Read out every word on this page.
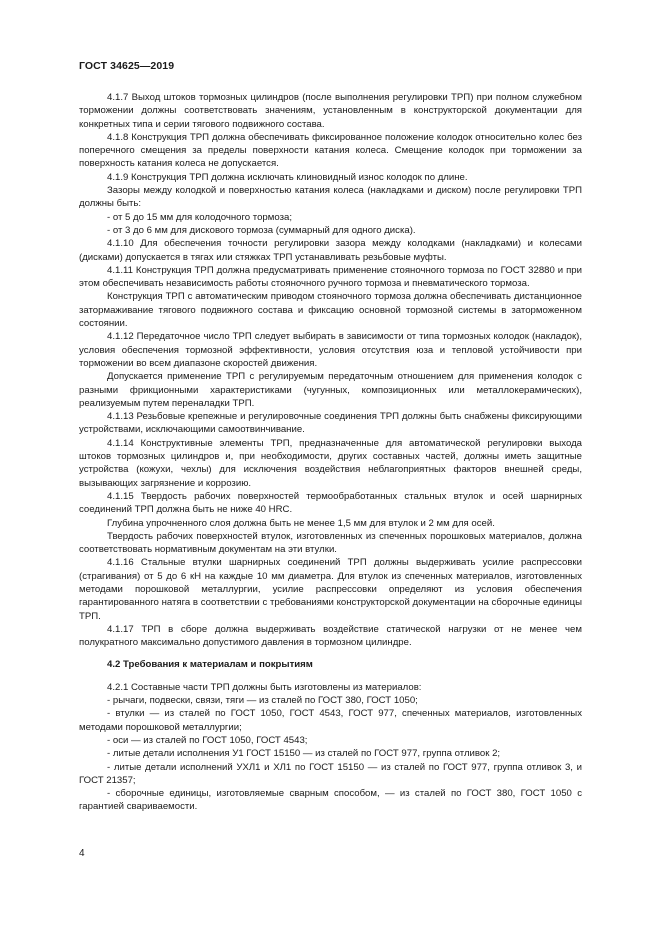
ГОСТ 34625—2019

4.1.7 Выход штоков тормозных цилиндров (после выполнения регулировки ТРП) при полном служебном торможении должны соответствовать значениям, установленным в конструкторской документации для конкретных типа и серии тягового подвижного состава.

4.1.8 Конструкция ТРП должна обеспечивать фиксированное положение колодок относительно колес без поперечного смещения за пределы поверхности катания колеса. Смещение колодок при торможении за поверхность катания колеса не допускается.

4.1.9 Конструкция ТРП должна исключать клиновидный износ колодок по длине.

Зазоры между колодкой и поверхностью катания колеса (накладками и диском) после регулировки ТРП должны быть:

- от 5 до 15 мм для колодочного тормоза;

- от 3 до 6 мм для дискового тормоза (суммарный для одного диска).

4.1.10 Для обеспечения точности регулировки зазора между колодками (накладками) и колесами (дисками) допускается в тягах или стяжках ТРП устанавливать резьбовые муфты.

4.1.11 Конструкция ТРП должна предусматривать применение стояночного тормоза по ГОСТ 32880 и при этом обеспечивать независимость работы стояночного ручного тормоза и пневматического тормоза.

Конструкция ТРП с автоматическим приводом стояночного тормоза должна обеспечивать дистанционное затормаживание тягового подвижного состава и фиксацию основной тормозной системы в заторможенном состоянии.

4.1.12 Передаточное число ТРП следует выбирать в зависимости от типа тормозных колодок (накладок), условия обеспечения тормозной эффективности, условия отсутствия юза и тепловой устойчивости при торможении во всем диапазоне скоростей движения.

Допускается применение ТРП с регулируемым передаточным отношением для применения колодок с разными фрикционными характеристиками (чугунных, композиционных или металлокерамических), реализуемым путем переналадки ТРП.

4.1.13 Резьбовые крепежные и регулировочные соединения ТРП должны быть снабжены фиксирующими устройствами, исключающими самоотвинчивание.

4.1.14 Конструктивные элементы ТРП, предназначенные для автоматической регулировки выхода штоков тормозных цилиндров и, при необходимости, других составных частей, должны иметь защитные устройства (кожухи, чехлы) для исключения воздействия неблагоприятных факторов внешней среды, вызывающих загрязнение и коррозию.

4.1.15 Твердость рабочих поверхностей термообработанных стальных втулок и осей шарнирных соединений ТРП должна быть не ниже 40 HRC.

Глубина упрочненного слоя должна быть не менее 1,5 мм для втулок и 2 мм для осей.

Твердость рабочих поверхностей втулок, изготовленных из спеченных порошковых материалов, должна соответствовать нормативным документам на эти втулки.

4.1.16 Стальные втулки шарнирных соединений ТРП должны выдерживать усилие распрессовки (страгивания) от 5 до 6 кН на каждые 10 мм диаметра. Для втулок из спеченных материалов, изготовленных методами порошковой металлургии, усилие распрессовки определяют из условия обеспечения гарантированного натяга в соответствии с требованиями конструкторской документации на сборочные единицы ТРП.

4.1.17 ТРП в сборе должна выдерживать воздействие статической нагрузки от не менее чем полукратного максимально допустимого давления в тормозном цилиндре.

4.2 Требования к материалам и покрытиям

4.2.1 Составные части ТРП должны быть изготовлены из материалов:

- рычаги, подвески, связи, тяги — из сталей по ГОСТ 380, ГОСТ 1050;

- втулки — из сталей по ГОСТ 1050, ГОСТ 4543, ГОСТ 977, спеченных материалов, изготовленных методами порошковой металлургии;

- оси — из сталей по ГОСТ 1050, ГОСТ 4543;

- литые детали исполнения У1 ГОСТ 15150 — из сталей по ГОСТ 977, группа отливок 2;

- литые детали исполнений УХЛ1 и ХЛ1 по ГОСТ 15150 — из сталей по ГОСТ 977, группа отливок 3, и ГОСТ 21357;

- сборочные единицы, изготовляемые сварным способом, — из сталей по ГОСТ 380, ГОСТ 1050 с гарантией свариваемости.

4
